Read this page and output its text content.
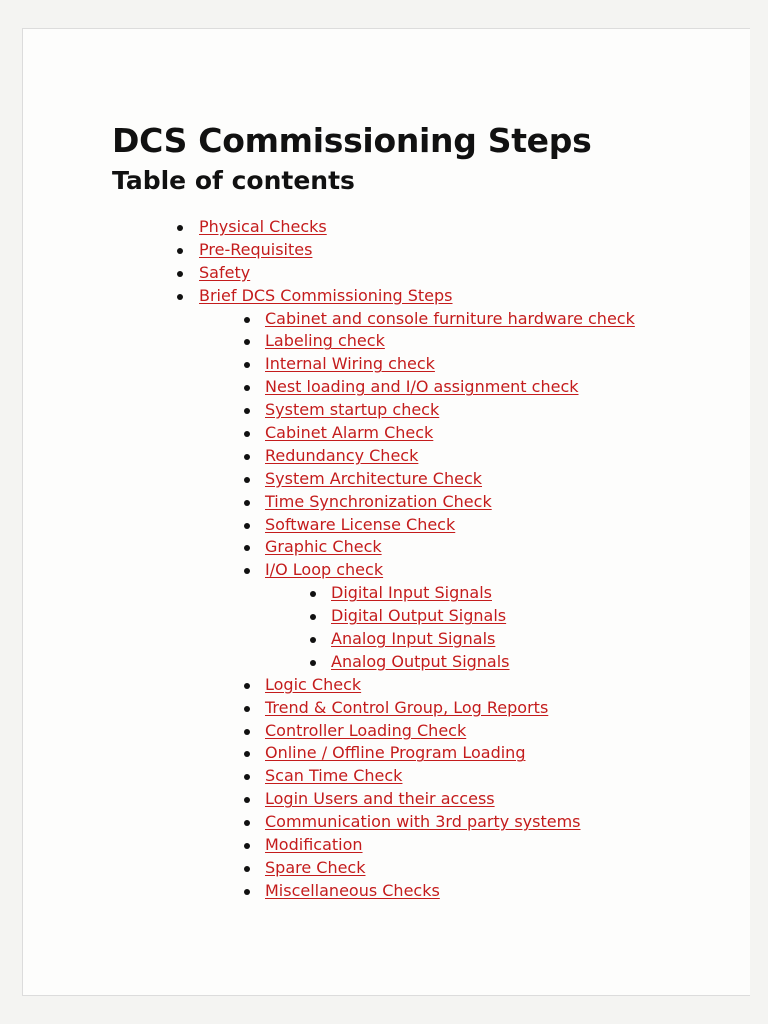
DCS Commissioning Steps
Table of contents
Physical Checks
Pre-Requisites
Safety
Brief DCS Commissioning Steps
Cabinet and console furniture hardware check
Labeling check
Internal Wiring check
Nest loading and I/O assignment check
System startup check
Cabinet Alarm Check
Redundancy Check
System Architecture Check
Time Synchronization Check
Software License Check
Graphic Check
I/O Loop check
Digital Input Signals
Digital Output Signals
Analog Input Signals
Analog Output Signals
Logic Check
Trend & Control Group, Log Reports
Controller Loading Check
Online / Offline Program Loading
Scan Time Check
Login Users and their access
Communication with 3rd party systems
Modification
Spare Check
Miscellaneous Checks
